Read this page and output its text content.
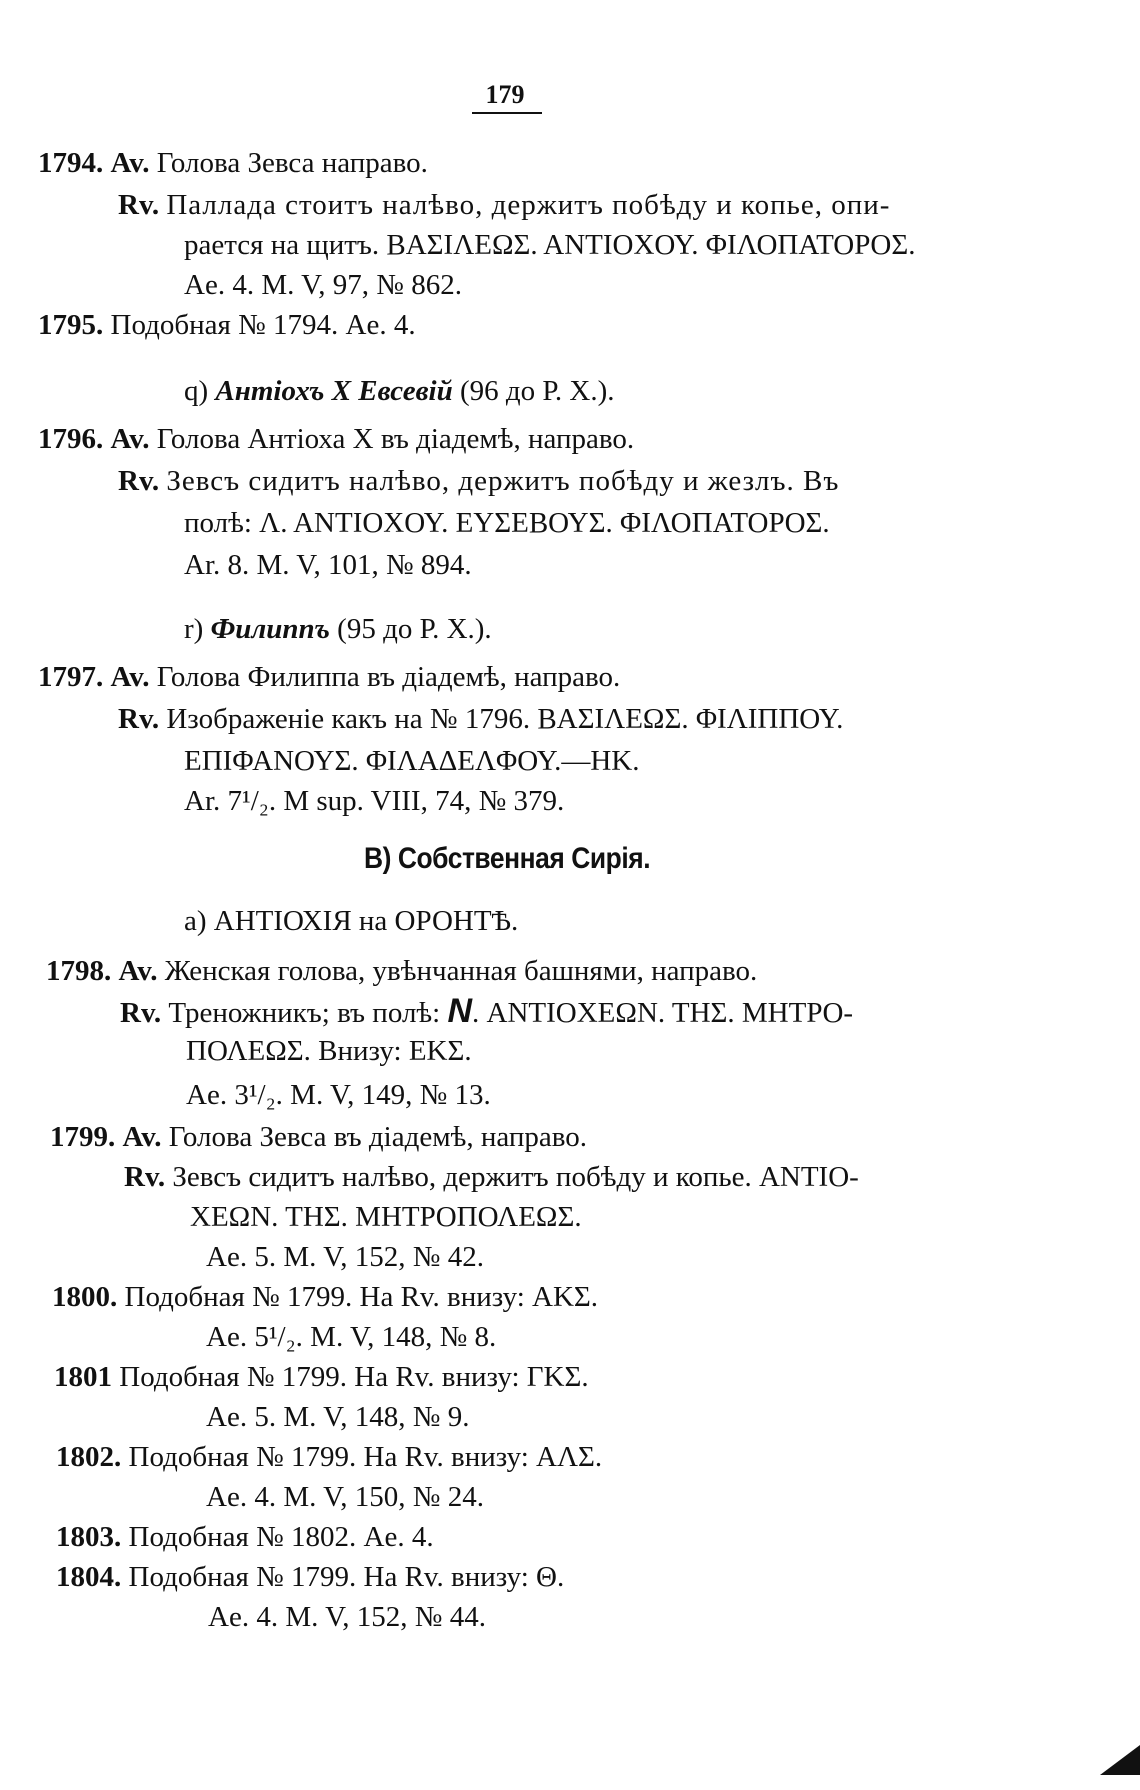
179
1794. Av. Голова Зевса направо.
Rv. Паллада стоитъ налѣво, держитъ побѣду и копье, опи-
рается на щитъ. ΒΑΣΙΛΕΩΣ. ΑΝΤΙΟΧΟΥ. ΦΙΛΟΠΑΤΟΡΟΣ.
Ae. 4. M. V, 97, № 862.
1795. Подобная № 1794. Ae. 4.
q) Антіохъ X Евсевій (96 до Р. Х.).
1796. Av. Голова Антіоха X въ діадемѣ, направо.
Rv. Зевсъ сидитъ налѣво, держитъ побѣду и жезлъ. Въ
полѣ: Λ. ΑΝΤΙΟΧΟΥ. ΕΥΣΕΒΟΥΣ. ΦΙΛΟΠΑΤΟΡΟΣ.
Ar. 8. M. V, 101, № 894.
r) Филиппъ (95 до Р. Х.).
1797. Av. Голова Филиппа въ діадемѣ, направо.
Rv. Изображеніе какъ на № 1796. ΒΑΣΙΛΕΩΣ. ΦΙΛΙΠΠΟΥ.
ΕΠΙΦΑΝΟΥΣ. ΦΙΛΑΔΕΛΦΟΥ.—ΗΚ.
Ar. 7¹/₂. M sup. VIII, 74, № 379.
В) Собственная Сирія.
a) АНТІОХІЯ на ОРОНТѢ.
1798. Av. Женская голова, увѣнчанная башнями, направо.
Rv. Треножникъ; въ полѣ: N. ΑΝΤΙΟΧΕΩΝ. ΤΗΣ. ΜΗΤΡΟ-
ΠΟΛΕΩΣ. Внизу: ΕΚΣ.
Ae. 3¹/₂. M. V, 149, № 13.
1799. Av. Голова Зевса въ діадемѣ, направо.
Rv. Зевсъ сидитъ налѣво, держитъ побѣду и копье. ΑΝΤΙΟ-
ΧΕΩΝ. ΤΗΣ. ΜΗΤΡΟΠΟΛΕΩΣ.
Ae. 5. M. V, 152, № 42.
1800. Подобная № 1799. На Rv. внизу: ΑΚΣ.
Ae. 5¹/₂. M. V, 148, № 8.
1801 Подобная № 1799. На Rv. внизу: ΓΚΣ.
Ae. 5. M. V, 148, № 9.
1802. Подобная № 1799. На Rv. внизу: ΑΛΣ.
Ae. 4. M. V, 150, № 24.
1803. Подобная № 1802. Ae. 4.
1804. Подобная № 1799. На Rv. внизу: Θ.
Ae. 4. M. V, 152, № 44.
